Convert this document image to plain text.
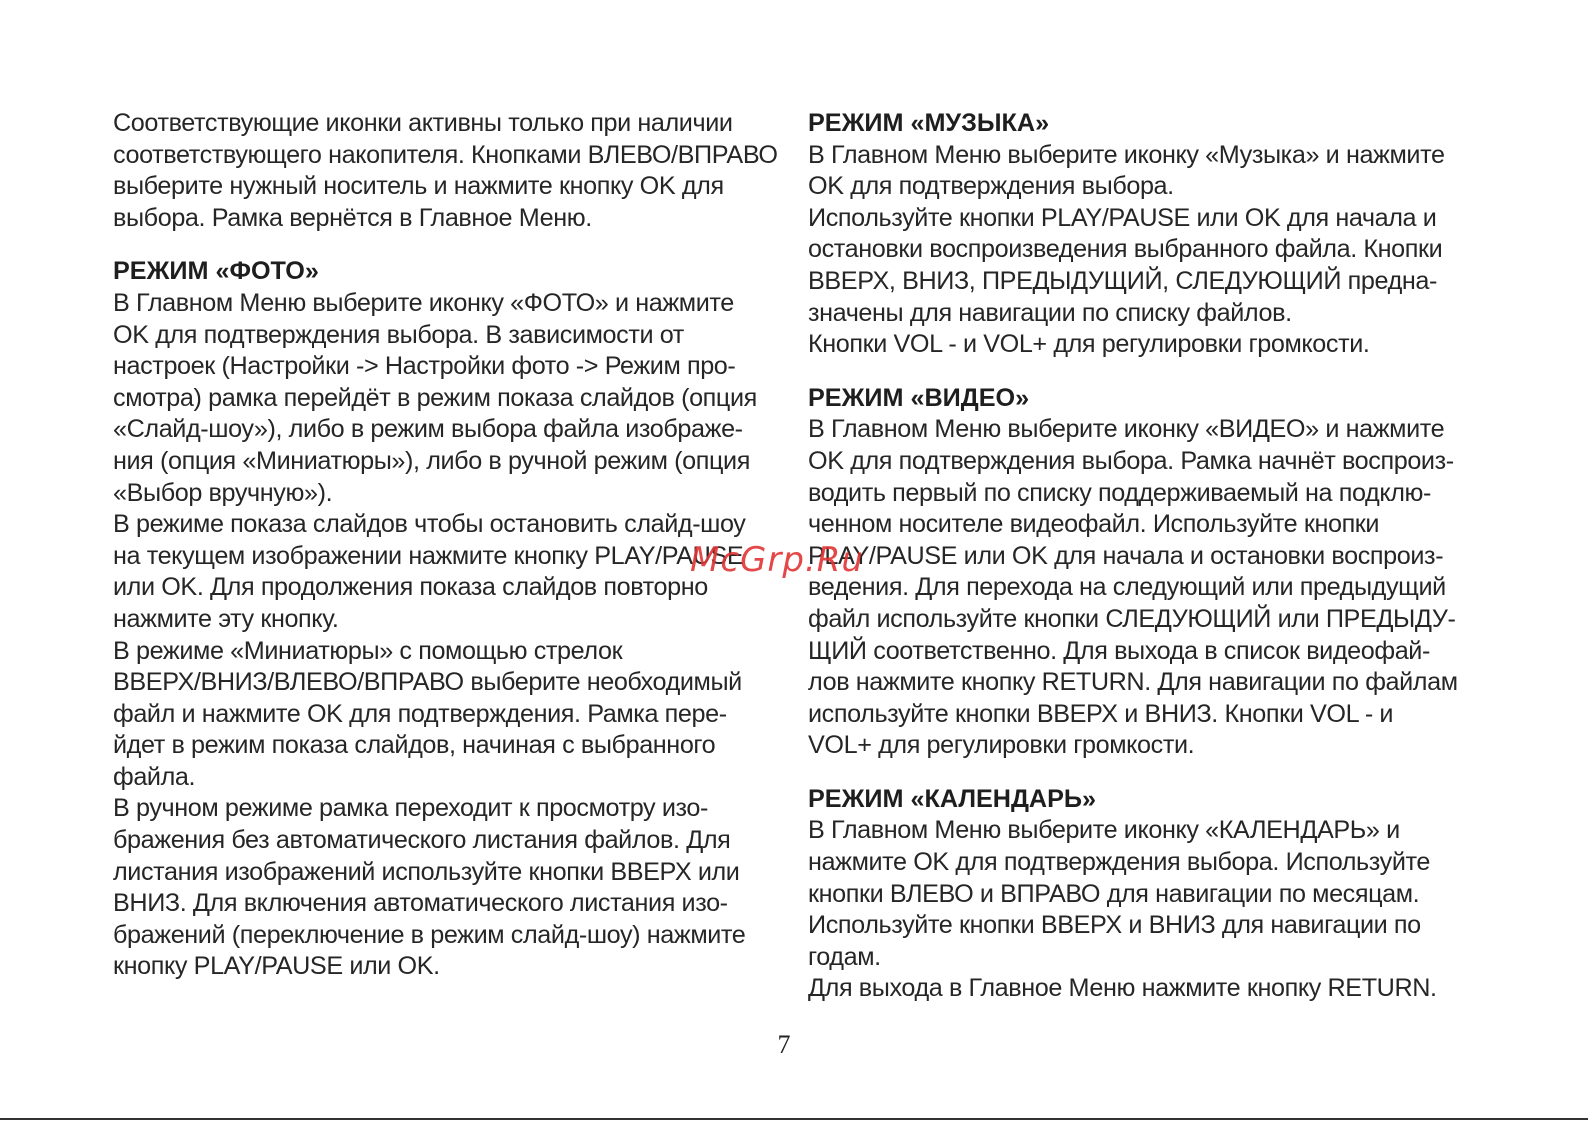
Соответствующие иконки активны только при наличии
соответствующего накопителя. Кнопками ВЛЕВО/ВПРАВО
выберите нужный носитель и нажмите кнопку OK для
выбора. Рамка вернётся в Главное Меню.
РЕЖИМ «ФОТО»
В Главном Меню выберите иконку «ФОТО» и нажмите
OK для подтверждения выбора. В зависимости от
настроек (Настройки -> Настройки фото -> Режим про-
смотра) рамка перейдёт в режим показа слайдов (опция
«Слайд-шоу»), либо в режим выбора файла изображе-
ния (опция «Миниатюры»), либо в ручной режим (опция
«Выбор вручную»).
В режиме показа слайдов чтобы остановить слайд-шоу
на текущем изображении нажмите кнопку PLAY/PAUSE
или OK. Для продолжения показа слайдов повторно
нажмите эту кнопку.
В режиме «Миниатюры» с помощью стрелок
ВВЕРХ/ВНИЗ/ВЛЕВО/ВПРАВО выберите необходимый
файл и нажмите OK для подтверждения. Рамка пере-
йдет в режим показа слайдов, начиная с выбранного
файла.
В ручном режиме рамка переходит к просмотру изо-
бражения без автоматического листания файлов. Для
листания изображений используйте кнопки ВВЕРХ или
ВНИЗ. Для включения автоматического листания изо-
бражений (переключение в режим слайд-шоу) нажмите
кнопку PLAY/PAUSE или OK.
РЕЖИМ «МУЗЫКА»
В Главном Меню выберите иконку «Музыка» и нажмите
OK для подтверждения выбора.
Используйте кнопки PLAY/PAUSE или OK для начала и
остановки воспроизведения выбранного файла. Кнопки
ВВЕРХ, ВНИЗ, ПРЕДЫДУЩИЙ, СЛЕДУЮЩИЙ предна-
значены для навигации по списку файлов.
Кнопки VOL - и VOL+ для регулировки громкости.
РЕЖИМ «ВИДЕО»
В Главном Меню выберите иконку «ВИДЕО» и нажмите
OK для подтверждения выбора. Рамка начнёт воспроиз-
водить первый по списку поддерживаемый на подклю-
ченном носителе видеофайл. Используйте кнопки
PLAY/PAUSE или OK для начала и остановки воспроиз-
ведения. Для перехода на следующий или предыдущий
файл используйте кнопки СЛЕДУЮЩИЙ или ПРЕДЫДУ-
ЩИЙ соответственно. Для выхода в список видеофай-
лов нажмите кнопку RETURN. Для навигации по файлам
используйте кнопки ВВЕРХ и ВНИЗ. Кнопки VOL - и
VOL+ для регулировки громкости.
РЕЖИМ «КАЛЕНДАРЬ»
В Главном Меню выберите иконку «КАЛЕНДАРЬ» и
нажмите OK для подтверждения выбора. Используйте
кнопки ВЛЕВО и ВПРАВО для навигации по месяцам.
Используйте кнопки ВВЕРХ и ВНИЗ для навигации по
годам.
Для выхода в Главное Меню нажмите кнопку RETURN.
McGrp.Ru
7
